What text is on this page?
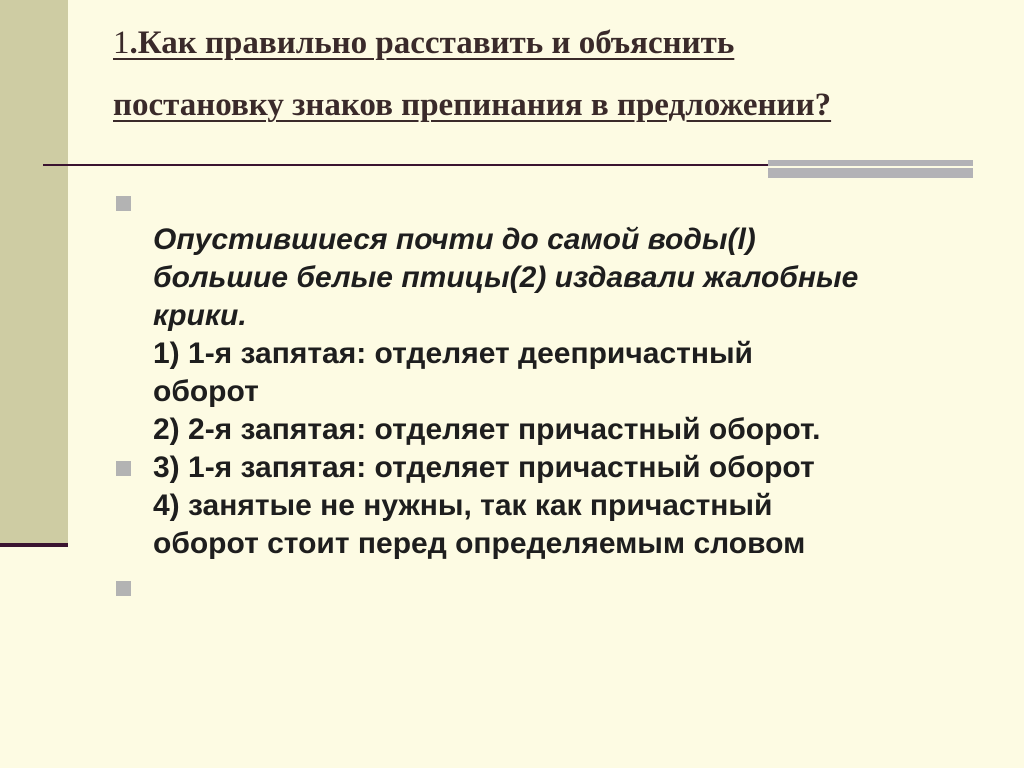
1.Как правильно расставить и объяснить
постановку знаков препинания в предложении?
Опустившиеся почти до самой воды(l)
большие белые птицы(2) издавали жалобные
крики.
1) 1-я запятая: отделяет деепричастный
оборот
2) 2-я запятая: отделяет причастный оборот.
3) 1-я запятая: отделяет причастный оборот
4) занятые не нужны, так как причастный
оборот стоит перед определяемым словом
